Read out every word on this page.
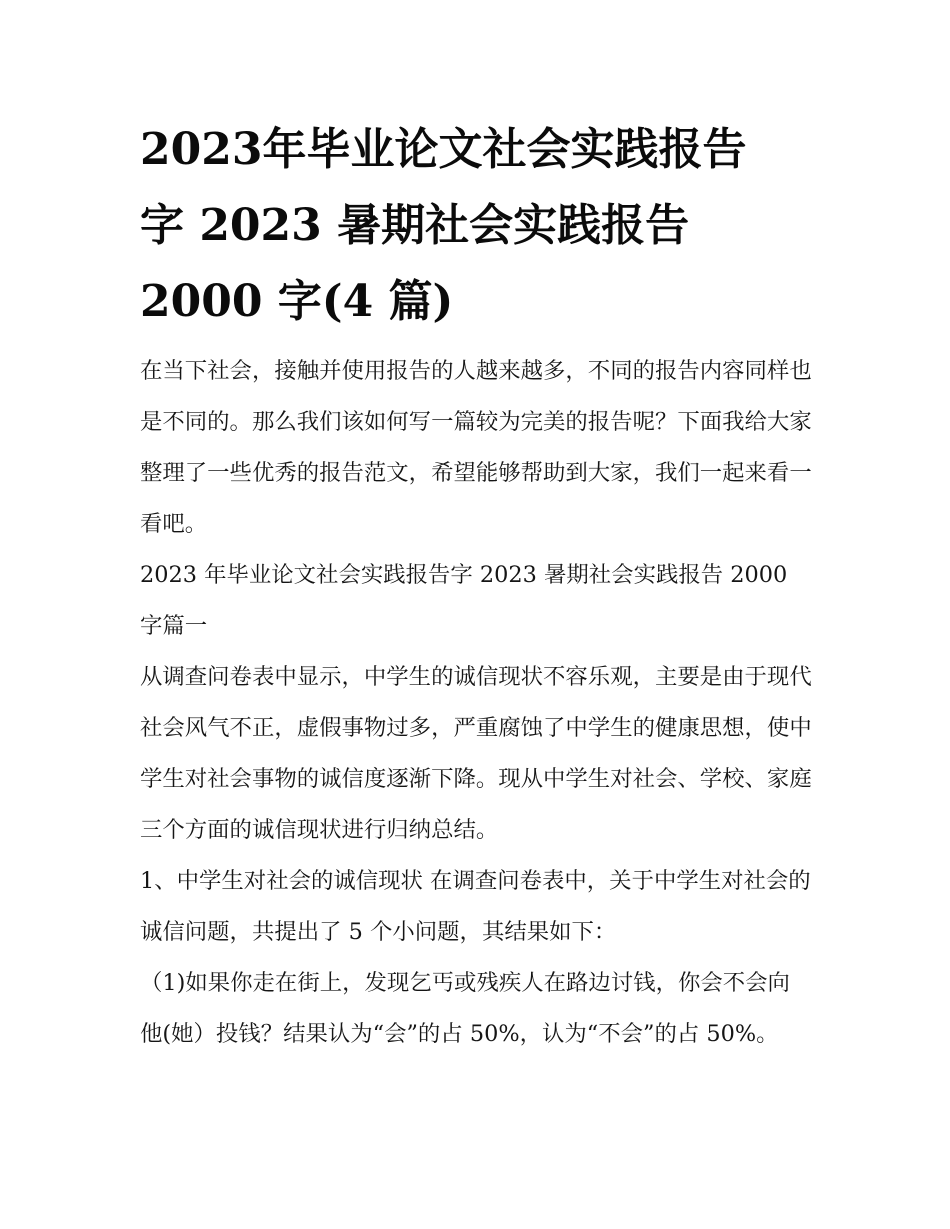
2023年毕业论文社会实践报告
字 2023 暑期社会实践报告
2000 字(4 篇)

在当下社会，接触并使用报告的人越来越多，不同的报告内容同样也是不同的。那么我们该如何写一篇较为完美的报告呢？下面我给大家整理了一些优秀的报告范文，希望能够帮助到大家，我们一起来看一看吧。

2023 年毕业论文社会实践报告字 2023 暑期社会实践报告 2000 字篇一

从调查问卷表中显示，中学生的诚信现状不容乐观，主要是由于现代社会风气不正，虚假事物过多，严重腐蚀了中学生的健康思想，使中学生对社会事物的诚信度逐渐下降。现从中学生对社会、学校、家庭三个方面的诚信现状进行归纳总结。

1、中学生对社会的诚信现状 在调查问卷表中，关于中学生对社会的诚信问题，共提出了 5 个小问题，其结果如下：

（1)如果你走在街上，发现乞丐或残疾人在路边讨钱，你会不会向他(她）投钱？结果认为“会”的占 50%，认为“不会”的占 50%。
